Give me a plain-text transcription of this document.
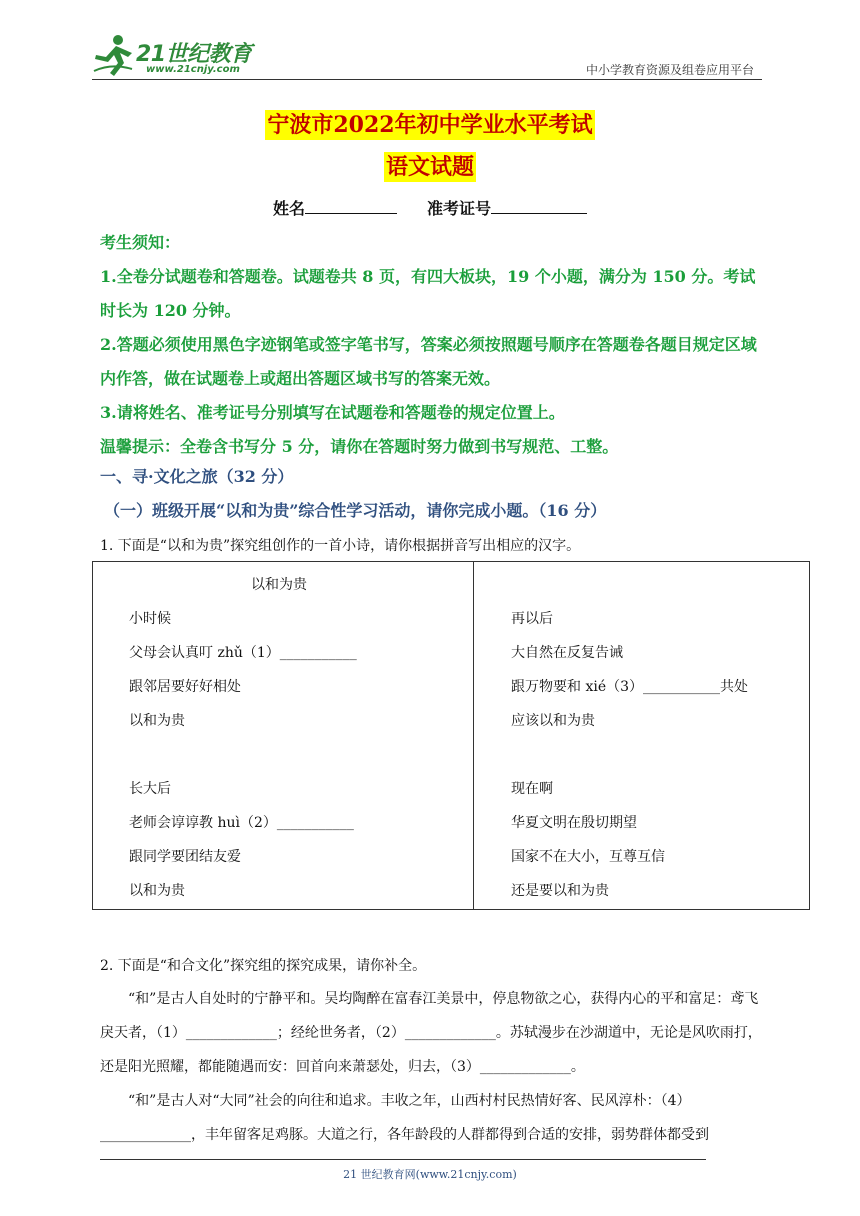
21世纪教育
www.21cnjy.com	中小学教育资源及组卷应用平台
宁波市2022年初中学业水平考试
语文试题
姓名	准考证号

考生须知：

1.全卷分试题卷和答题卷。试题卷共 8 页，有四大板块，19 个小题，满分为 150 分。考试时长为 120 分钟。

2.答题必须使用黑色字迹钢笔或签字笔书写，答案必须按照题号顺序在答题卷各题目规定区域内作答，做在试题卷上或超出答题区域书写的答案无效。

3.请将姓名、准考证号分别填写在试题卷和答题卷的规定位置上。

温馨提示：全卷含书写分 5 分，请你在答题时努力做到书写规范、工整。

一、寻·文化之旅（32 分）
（一）班级开展“以和为贵”综合性学习活动，请你完成小题。（16 分）
1. 下面是“以和为贵”探究组创作的一首小诗，请你根据拼音写出相应的汉字。
以和为贵
小时候
父母会认真叮 zhǔ（1）___________
跟邻居要好好相处
以和为贵
长大后
老师会谆谆教 huì（2）___________
跟同学要团结友爱
以和为贵
再以后
大自然在反复告诫
跟万物要和 xié（3）___________共处
应该以和为贵
现在啊
华夏文明在殷切期望
国家不在大小，互尊互信
还是要以和为贵
2. 下面是“和合文化”探究组的探究成果，请你补全。

“和”是古人自处时的宁静平和。吴均陶醉在富春江美景中，停息物欲之心，获得内心的平和富足：鸢飞戾天者，（1）_____________；经纶世务者，（2）_____________。苏轼漫步在沙湖道中，无论是风吹雨打，还是阳光照耀，都能随遇而安：回首向来萧瑟处，归去，（3）_____________。

“和”是古人对“大同”社会的向往和追求。丰收之年，山西村村民热情好客、民风淳朴：（4）_____________，丰年留客足鸡豚。大道之行，各年龄段的人群都得到合适的安排，弱势群体都受到

21 世纪教育网(www.21cnjy.com)
